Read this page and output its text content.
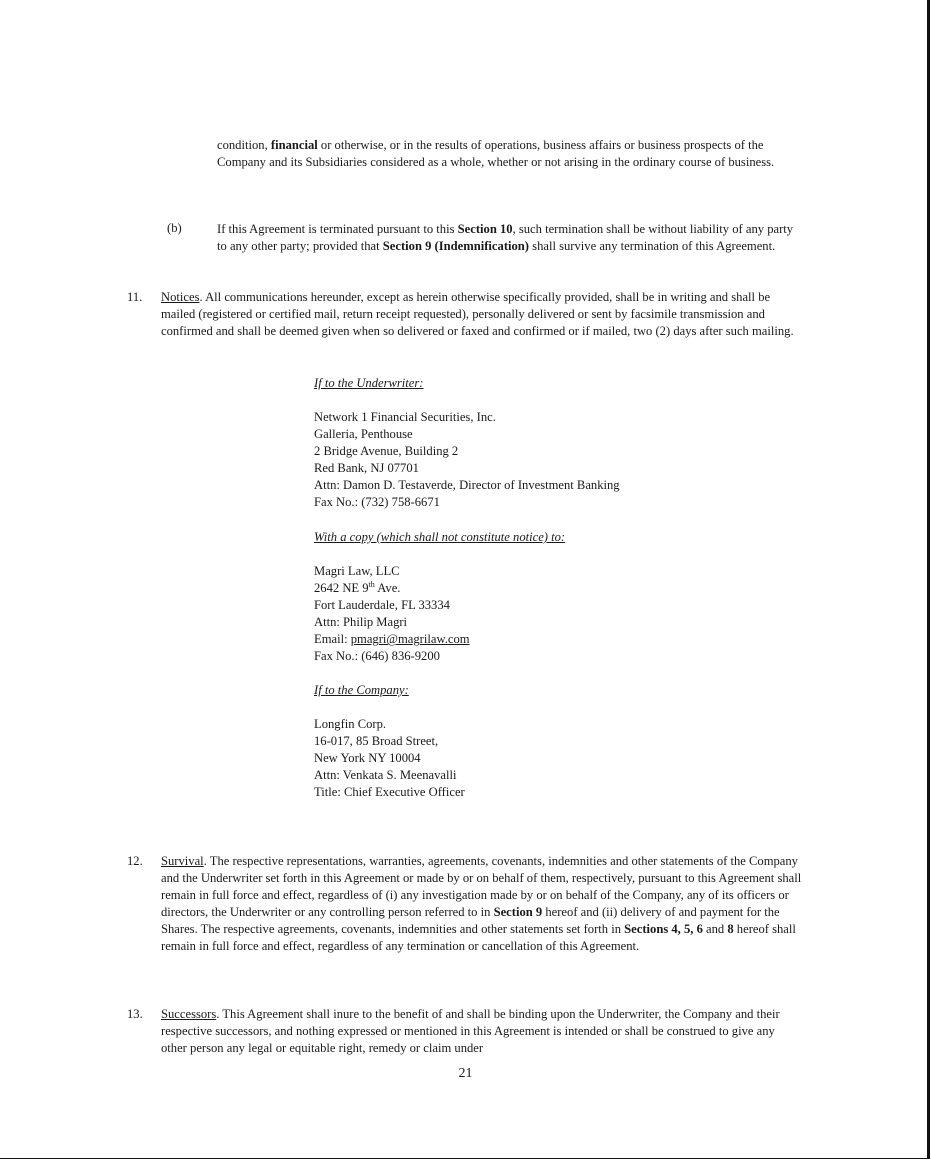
condition, financial or otherwise, or in the results of operations, business affairs or business prospects of the Company and its Subsidiaries considered as a whole, whether or not arising in the ordinary course of business.
(b)	If this Agreement is terminated pursuant to this Section 10, such termination shall be without liability of any party to any other party; provided that Section 9 (Indemnification) shall survive any termination of this Agreement.
11. Notices. All communications hereunder, except as herein otherwise specifically provided, shall be in writing and shall be mailed (registered or certified mail, return receipt requested), personally delivered or sent by facsimile transmission and confirmed and shall be deemed given when so delivered or faxed and confirmed or if mailed, two (2) days after such mailing.
If to the Underwriter:
Network 1 Financial Securities, Inc.
Galleria, Penthouse
2 Bridge Avenue, Building 2
Red Bank, NJ 07701
Attn: Damon D. Testaverde, Director of Investment Banking
Fax No.: (732) 758-6671
With a copy (which shall not constitute notice) to:
Magri Law, LLC
2642 NE 9th Ave.
Fort Lauderdale, FL 33334
Attn: Philip Magri
Email: pmagri@magrilaw.com
Fax No.: (646) 836-9200
If to the Company:
Longfin Corp.
16-017, 85 Broad Street,
New York NY 10004
Attn: Venkata S. Meenavalli
Title: Chief Executive Officer
12. Survival. The respective representations, warranties, agreements, covenants, indemnities and other statements of the Company and the Underwriter set forth in this Agreement or made by or on behalf of them, respectively, pursuant to this Agreement shall remain in full force and effect, regardless of (i) any investigation made by or on behalf of the Company, any of its officers or directors, the Underwriter or any controlling person referred to in Section 9 hereof and (ii) delivery of and payment for the Shares. The respective agreements, covenants, indemnities and other statements set forth in Sections 4, 5, 6 and 8 hereof shall remain in full force and effect, regardless of any termination or cancellation of this Agreement.
13. Successors. This Agreement shall inure to the benefit of and shall be binding upon the Underwriter, the Company and their respective successors, and nothing expressed or mentioned in this Agreement is intended or shall be construed to give any other person any legal or equitable right, remedy or claim under
21
